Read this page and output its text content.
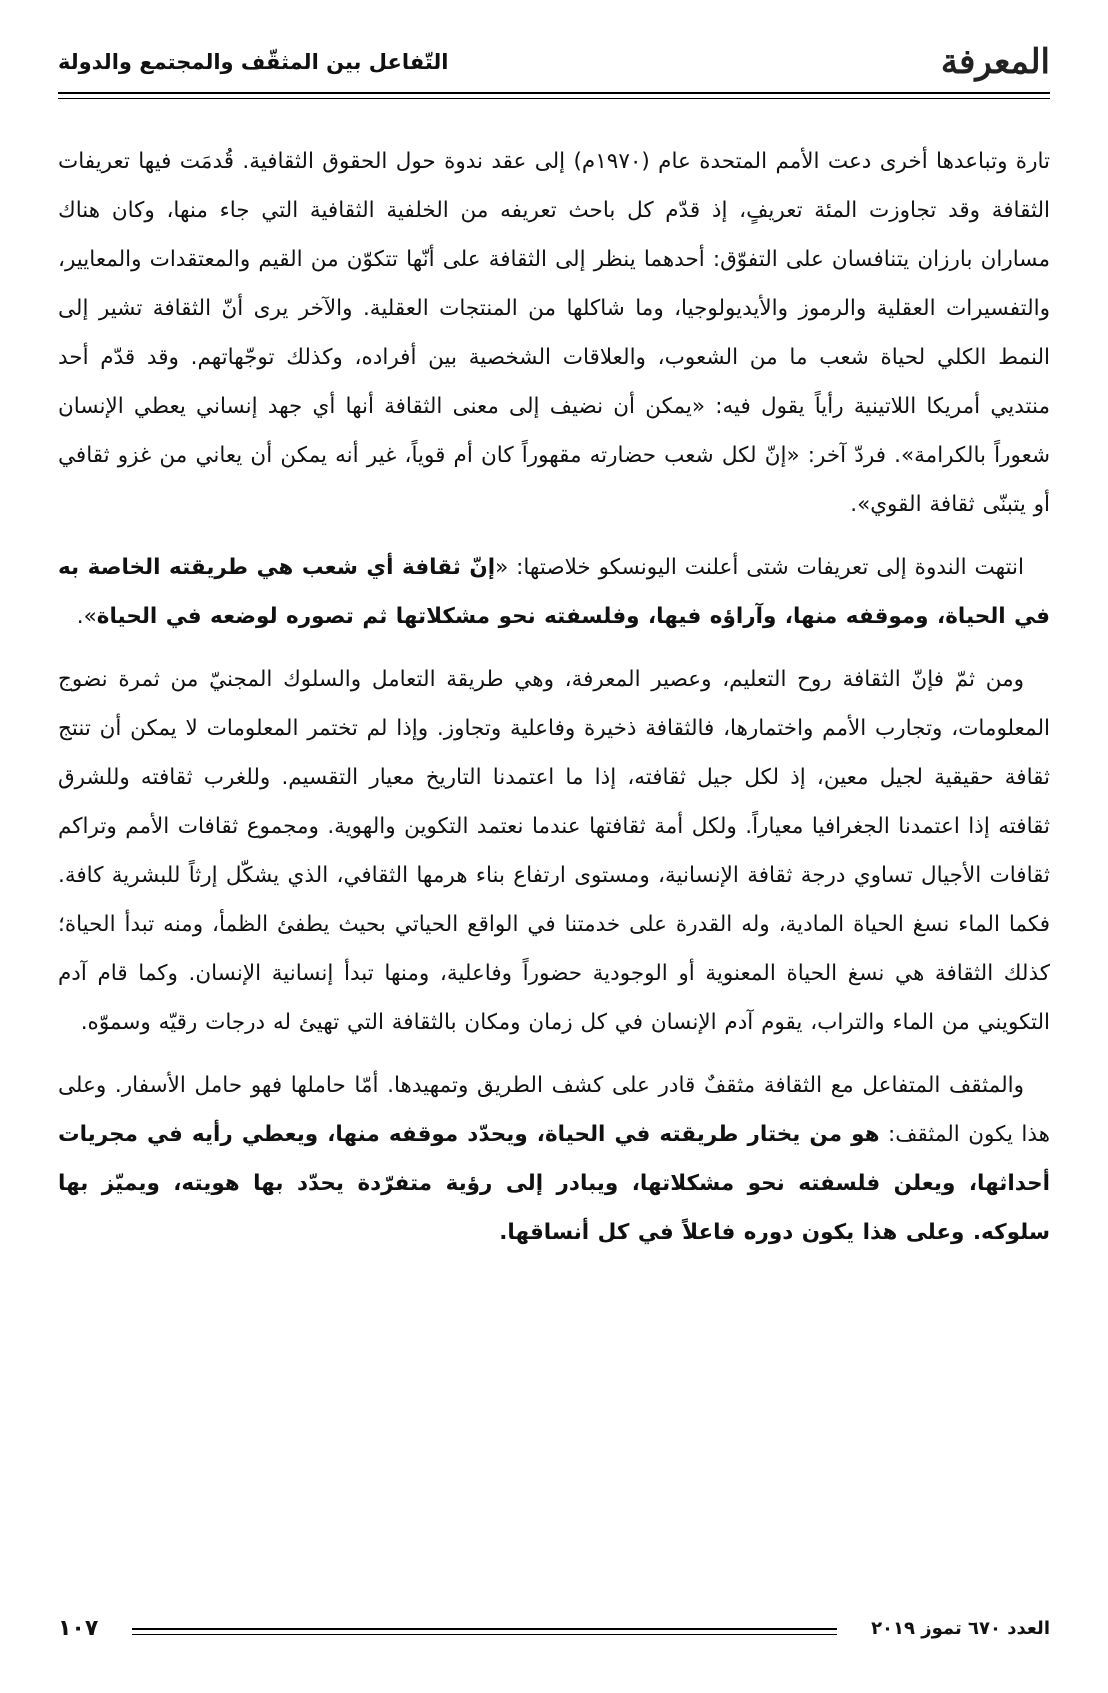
المعرفة
التّفاعل بين المثقّف والمجتمع والدولة

تارة وتباعدها أخرى دعت الأمم المتحدة عام (١٩٧٠م) إلى عقد ندوة حول الحقوق الثقافية. قُدمَت فيها تعريفات الثقافة وقد تجاوزت المئة تعريفٍ، إذ قدّم كل باحث تعريفه من الخلفية الثقافية التي جاء منها، وكان هناك مساران بارزان يتنافسان على التفوّق: أحدهما ينظر إلى الثقافة على أنّها تتكوّن من القيم والمعتقدات والمعايير، والتفسيرات العقلية والرموز والأيديولوجيا، وما شاكلها من المنتجات العقلية. والآخر يرى أنّ الثقافة تشير إلى النمط الكلي لحياة شعب ما من الشعوب، والعلاقات الشخصية بين أفراده، وكذلك توجّهاتهم. وقد قدّم أحد منتديي أمريكا اللاتينية رأياً يقول فيه: «يمكن أن نضيف إلى معنى الثقافة أنها أي جهد إنساني يعطي الإنسان شعوراً بالكرامة». فردّ آخر: «إنّ لكل شعب حضارته مقهوراً كان أم قوياً، غير أنه يمكن أن يعاني من غزو ثقافي أو يتبنّى ثقافة القوي».

انتهت الندوة إلى تعريفات شتى أعلنت اليونسكو خلاصتها: «إنّ ثقافة أي شعب هي طريقته الخاصة به في الحياة، وموقفه منها، وآراؤه فيها، وفلسفته نحو مشكلاتها ثم تصوره لوضعه في الحياة».

ومن ثمّ فإنّ الثقافة روح التعليم، وعصير المعرفة، وهي طريقة التعامل والسلوك المجنيّ من ثمرة نضوج المعلومات، وتجارب الأمم واختمارها، فالثقافة ذخيرة وفاعلية وتجاوز. وإذا لم تختمر المعلومات لا يمكن أن تنتج ثقافة حقيقية لجيل معين، إذ لكل جيل ثقافته، إذا ما اعتمدنا التاريخ معيار التقسيم. وللغرب ثقافته وللشرق ثقافته إذا اعتمدنا الجغرافيا معياراً. ولكل أمة ثقافتها عندما نعتمد التكوين والهوية. ومجموع ثقافات الأمم وتراكم ثقافات الأجيال تساوي درجة ثقافة الإنسانية، ومستوى ارتفاع بناء هرمها الثقافي، الذي يشكّل إرثاً للبشرية كافة. فكما الماء نسغ الحياة المادية، وله القدرة على خدمتنا في الواقع الحياتي بحيث يطفئ الظمأ، ومنه تبدأ الحياة؛ كذلك الثقافة هي نسغ الحياة المعنوية أو الوجودية حضوراً وفاعلية، ومنها تبدأ إنسانية الإنسان. وكما قام آدم التكويني من الماء والتراب، يقوم آدم الإنسان في كل زمان ومكان بالثقافة التي تهيئ له درجات رقيّه وسموّه.

والمثقف المتفاعل مع الثقافة مثقفٌ قادر على كشف الطريق وتمهيدها. أمّا حاملها فهو حامل الأسفار. وعلى هذا يكون المثقف: هو من يختار طريقته في الحياة، ويحدّد موقفه منها، ويعطي رأيه في مجريات أحداثها، ويعلن فلسفته نحو مشكلاتها، ويبادر إلى رؤية متفرّدة يحدّد بها هويته، ويميّز بها سلوكه. وعلى هذا يكون دوره فاعلاً في كل أنساقها.

العدد ٦٧٠ تموز ٢٠١٩
١٠٧
